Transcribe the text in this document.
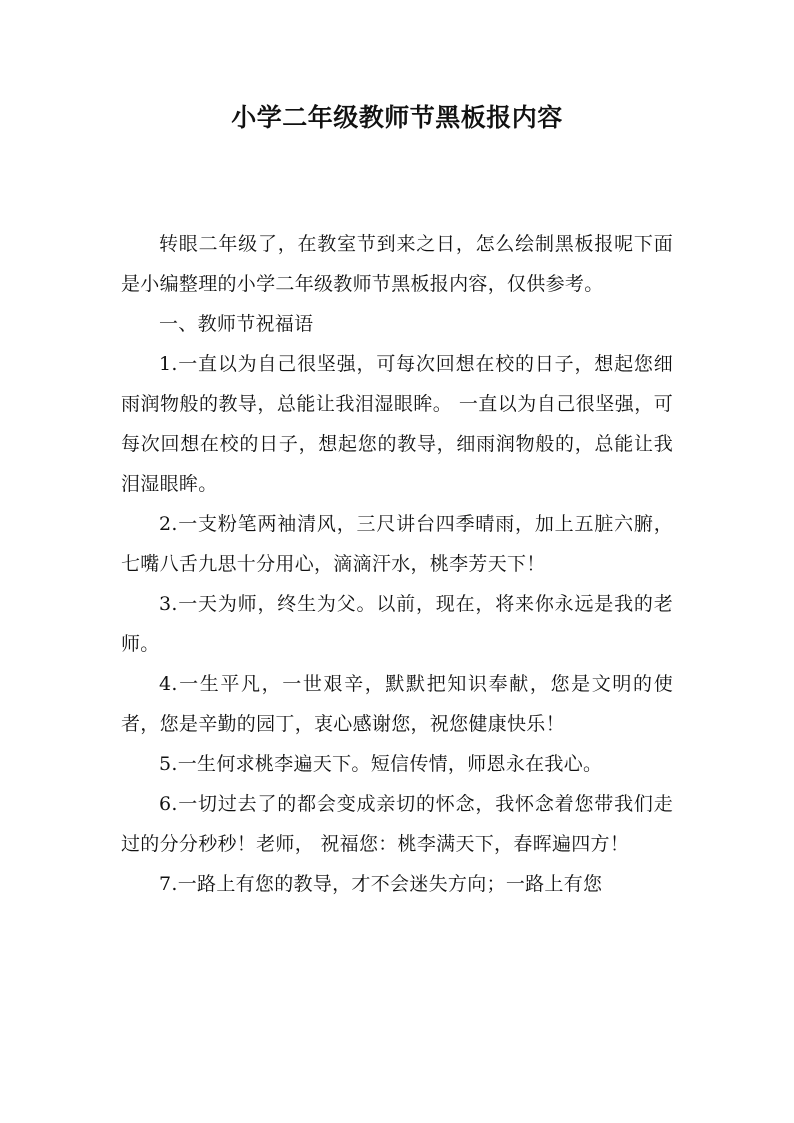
小学二年级教师节黑板报内容

转眼二年级了，在教室节到来之日，怎么绘制黑板报呢下面是小编整理的小学二年级教师节黑板报内容，仅供参考。

一、教师节祝福语

1.一直以为自己很坚强，可每次回想在校的日子，想起您细雨润物般的教导，总能让我泪湿眼眸。 一直以为自己很坚强，可每次回想在校的日子，想起您的教导，细雨润物般的，总能让我泪湿眼眸。

2.一支粉笔两袖清风，三尺讲台四季晴雨，加上五脏六腑，七嘴八舌九思十分用心，滴滴汗水，桃李芳天下！

3.一天为师，终生为父。以前，现在，将来你永远是我的老师。

4.一生平凡，一世艰辛，默默把知识奉献，您是文明的使者，您是辛勤的园丁，衷心感谢您，祝您健康快乐！

5.一生何求桃李遍天下。短信传情，师恩永在我心。

6.一切过去了的都会变成亲切的怀念，我怀念着您带我们走过的分分秒秒！老师， 祝福您：桃李满天下，春晖遍四方！

7.一路上有您的教导，才不会迷失方向；一路上有您
